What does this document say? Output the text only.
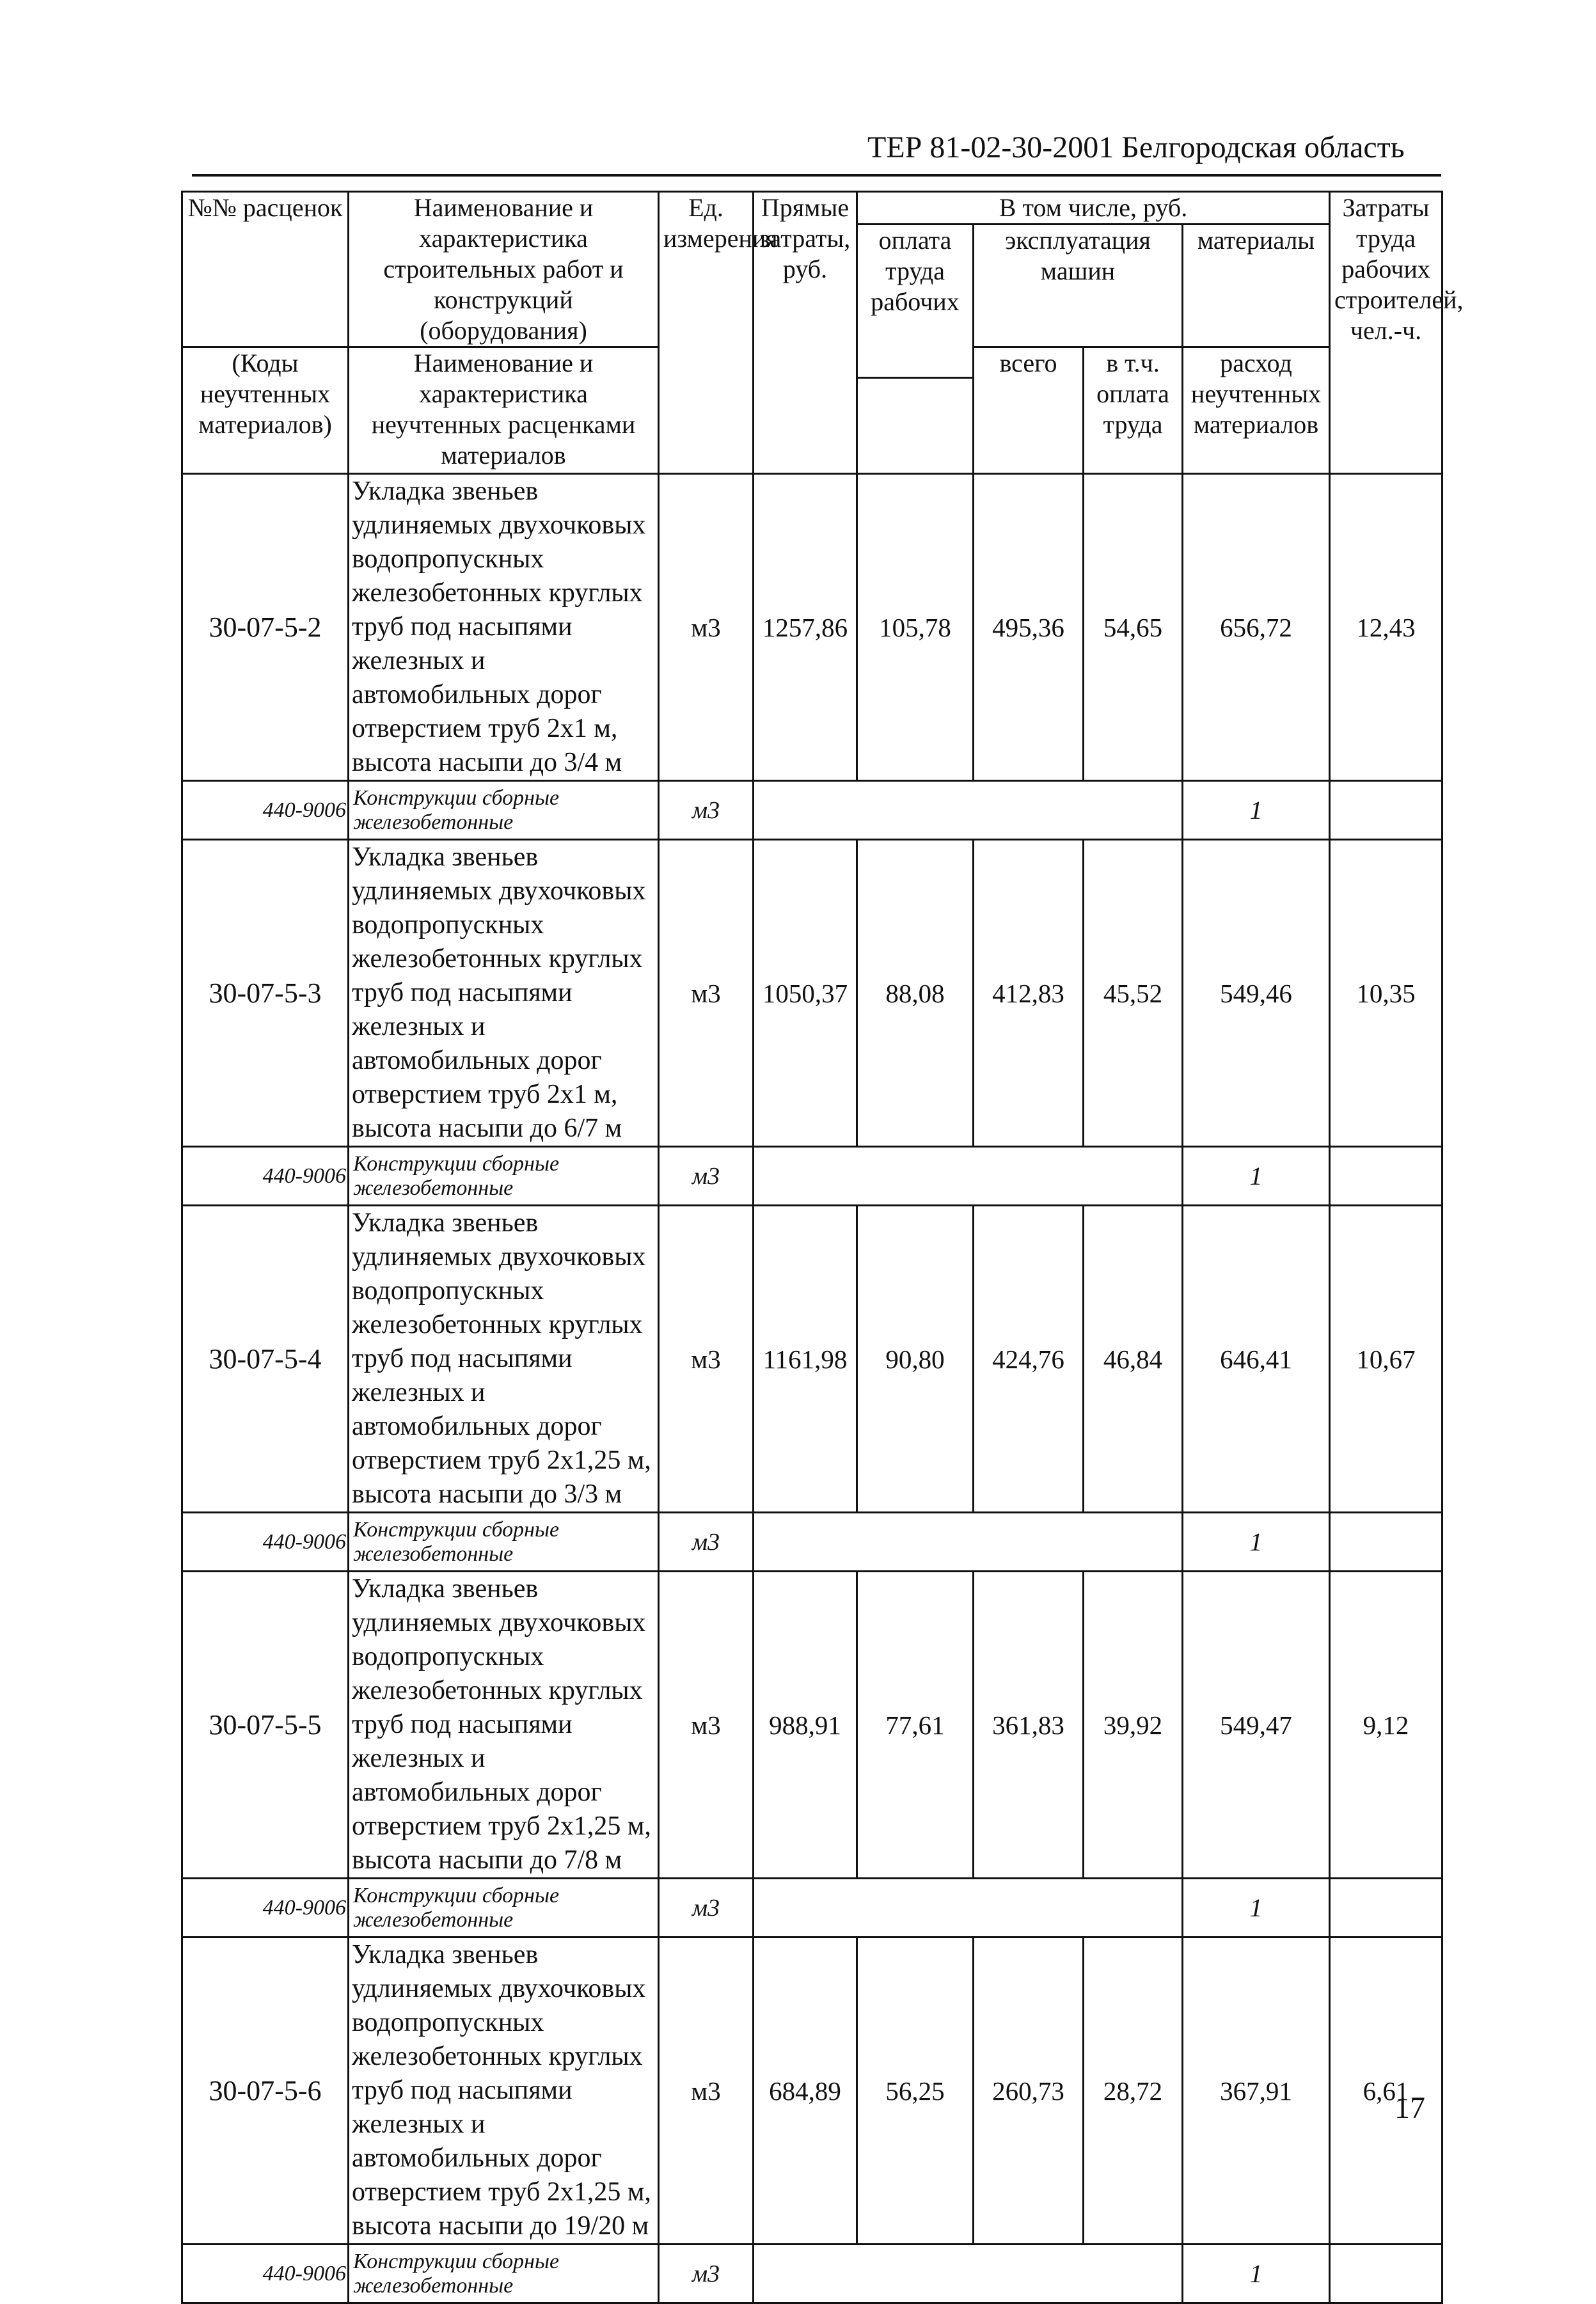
ТЕР 81-02-30-2001 Белгородская область
№№ расценок	Наименование и характеристика строительных работ и конструкций (оборудования)	Ед. измерения	Прямые затраты, руб.	В том числе, руб.				Затраты труда рабочих строителей, чел.-ч.
				оплата труда рабочих	эксплуатация машин		материалы	

(Коды неучтенных материалов)	Наименование и характеристика неучтенных расценками материалов				всего	в т.ч. оплата труда	расход неучтенных материалов	

30-07-5-2	Укладка звеньев удлиняемых двухочковых водопропускных железобетонных круглых труб под насыпями железных и автомобильных дорог отверстием труб 2х1 м, высота насыпи до 3/4 м	м3	1257,86	105,78	495,36	54,65	656,72	12,43
440-9006	Конструкции сборные железобетонные	м3					1	
30-07-5-3	Укладка звеньев удлиняемых двухочковых водопропускных железобетонных круглых труб под насыпями железных и автомобильных дорог отверстием труб 2х1 м, высота насыпи до 6/7 м	м3	1050,37	88,08	412,83	45,52	549,46	10,35
440-9006	Конструкции сборные железобетонные	м3					1	
30-07-5-4	Укладка звеньев удлиняемых двухочковых водопропускных железобетонных круглых труб под насыпями железных и автомобильных дорог отверстием труб 2х1,25 м, высота насыпи до 3/3 м	м3	1161,98	90,80	424,76	46,84	646,41	10,67
440-9006	Конструкции сборные железобетонные	м3					1	
30-07-5-5	Укладка звеньев удлиняемых двухочковых водопропускных железобетонных круглых труб под насыпями железных и автомобильных дорог отверстием труб 2х1,25 м, высота насыпи до 7/8 м	м3	988,91	77,61	361,83	39,92	549,47	9,12
440-9006	Конструкции сборные железобетонные	м3					1	
30-07-5-6	Укладка звеньев удлиняемых двухочковых водопропускных железобетонных круглых труб под насыпями железных и автомобильных дорог отверстием труб 2х1,25 м, высота насыпи до 19/20 м	м3	684,89	56,25	260,73	28,72	367,91	6,61
440-9006	Конструкции сборные железобетонные	м3					1	
17
